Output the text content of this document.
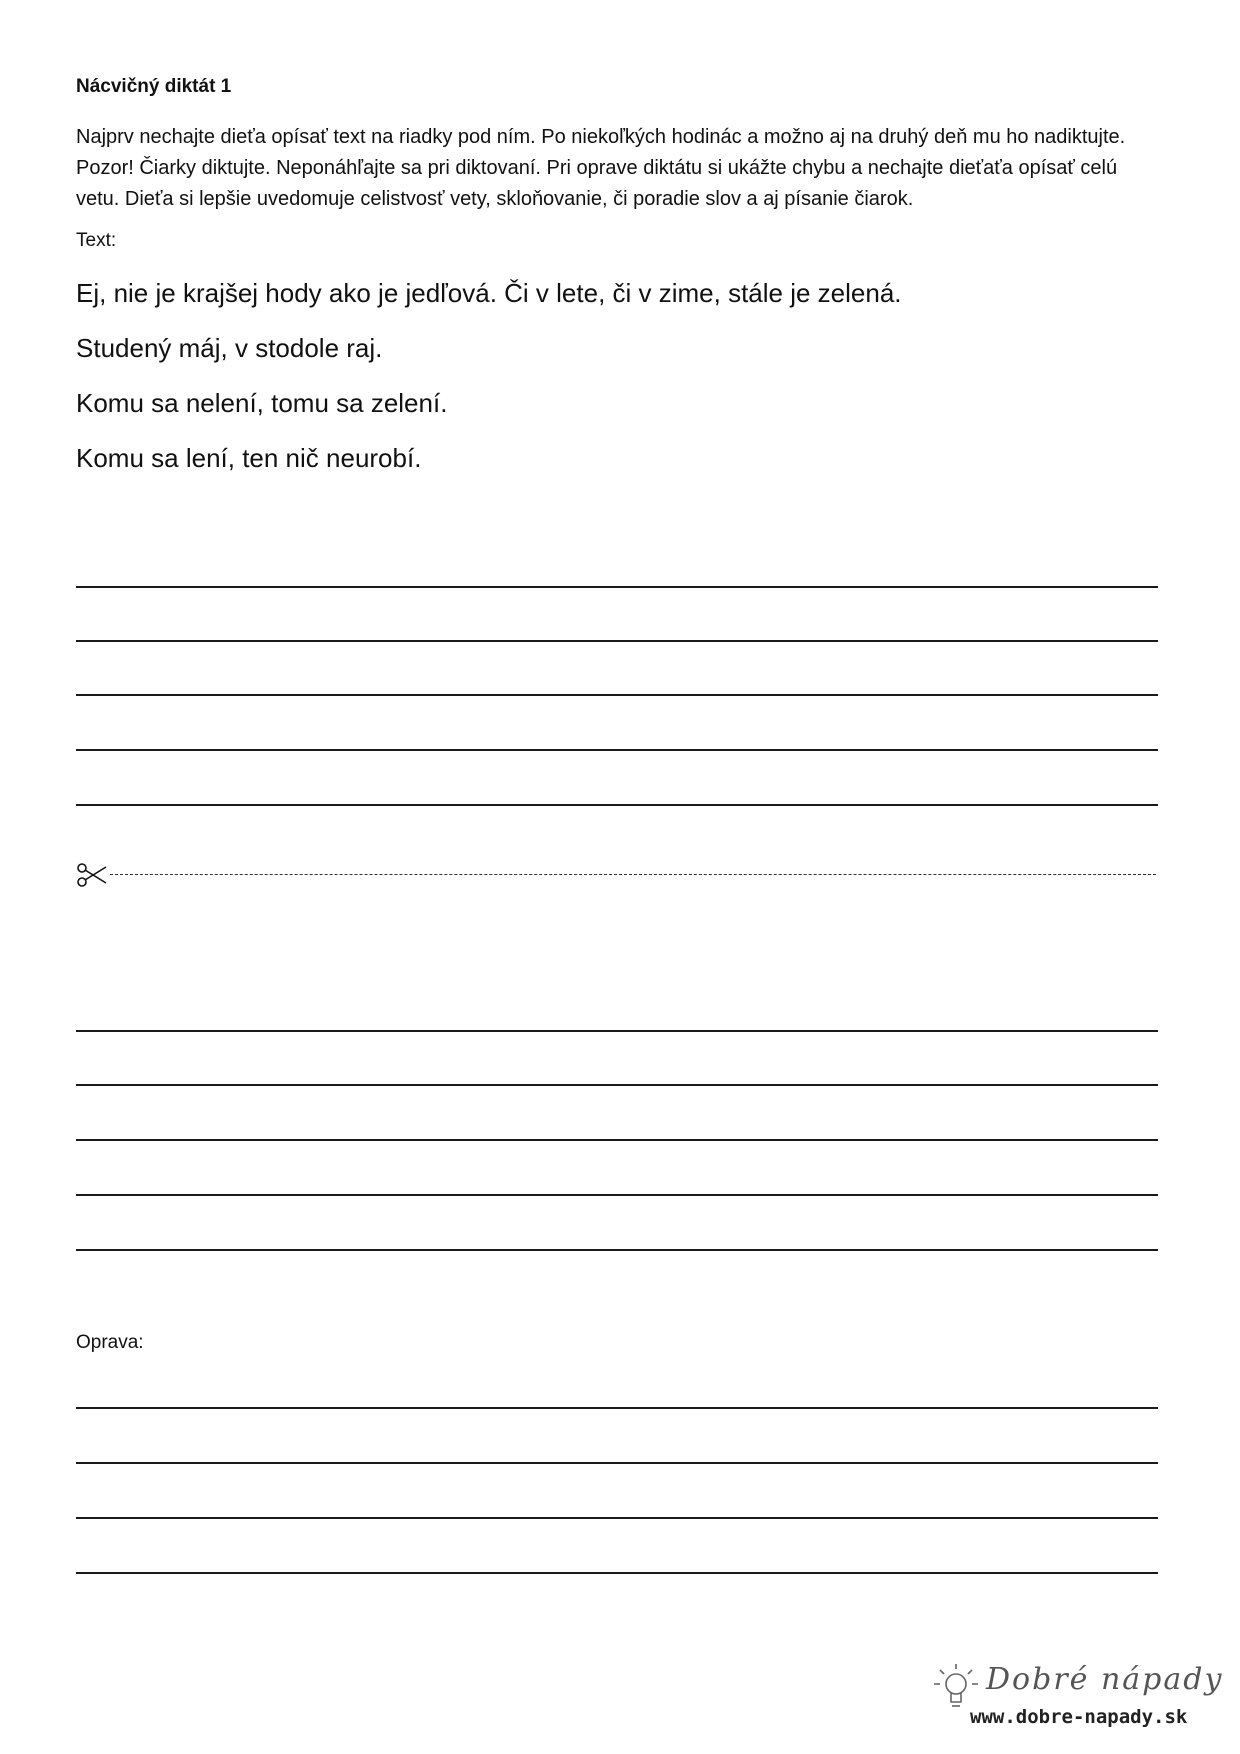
Nácvičný diktát 1
Najprv nechajte dieťa opísať text na riadky pod ním. Po niekoľkých hodinác a možno aj na druhý deň mu ho nadiktujte.
Pozor! Čiarky diktujte. Neponáhľajte sa pri diktovaní. Pri oprave diktátu si ukážte chybu a nechajte dieťaťa opísať celú
vetu. Dieťa si lepšie uvedomuje celistvosť vety, skloňovanie, či poradie slov a aj písanie čiarok.
Text:
Ej, nie je krajšej hody ako je jedľová. Či v lete, či v zime, stále je zelená.
Studený máj, v stodole raj.
Komu sa nelení, tomu sa zelení.
Komu sa lení, ten nič neurobí.
Oprava:
Dobré nápady
www.dobre-napady.sk
